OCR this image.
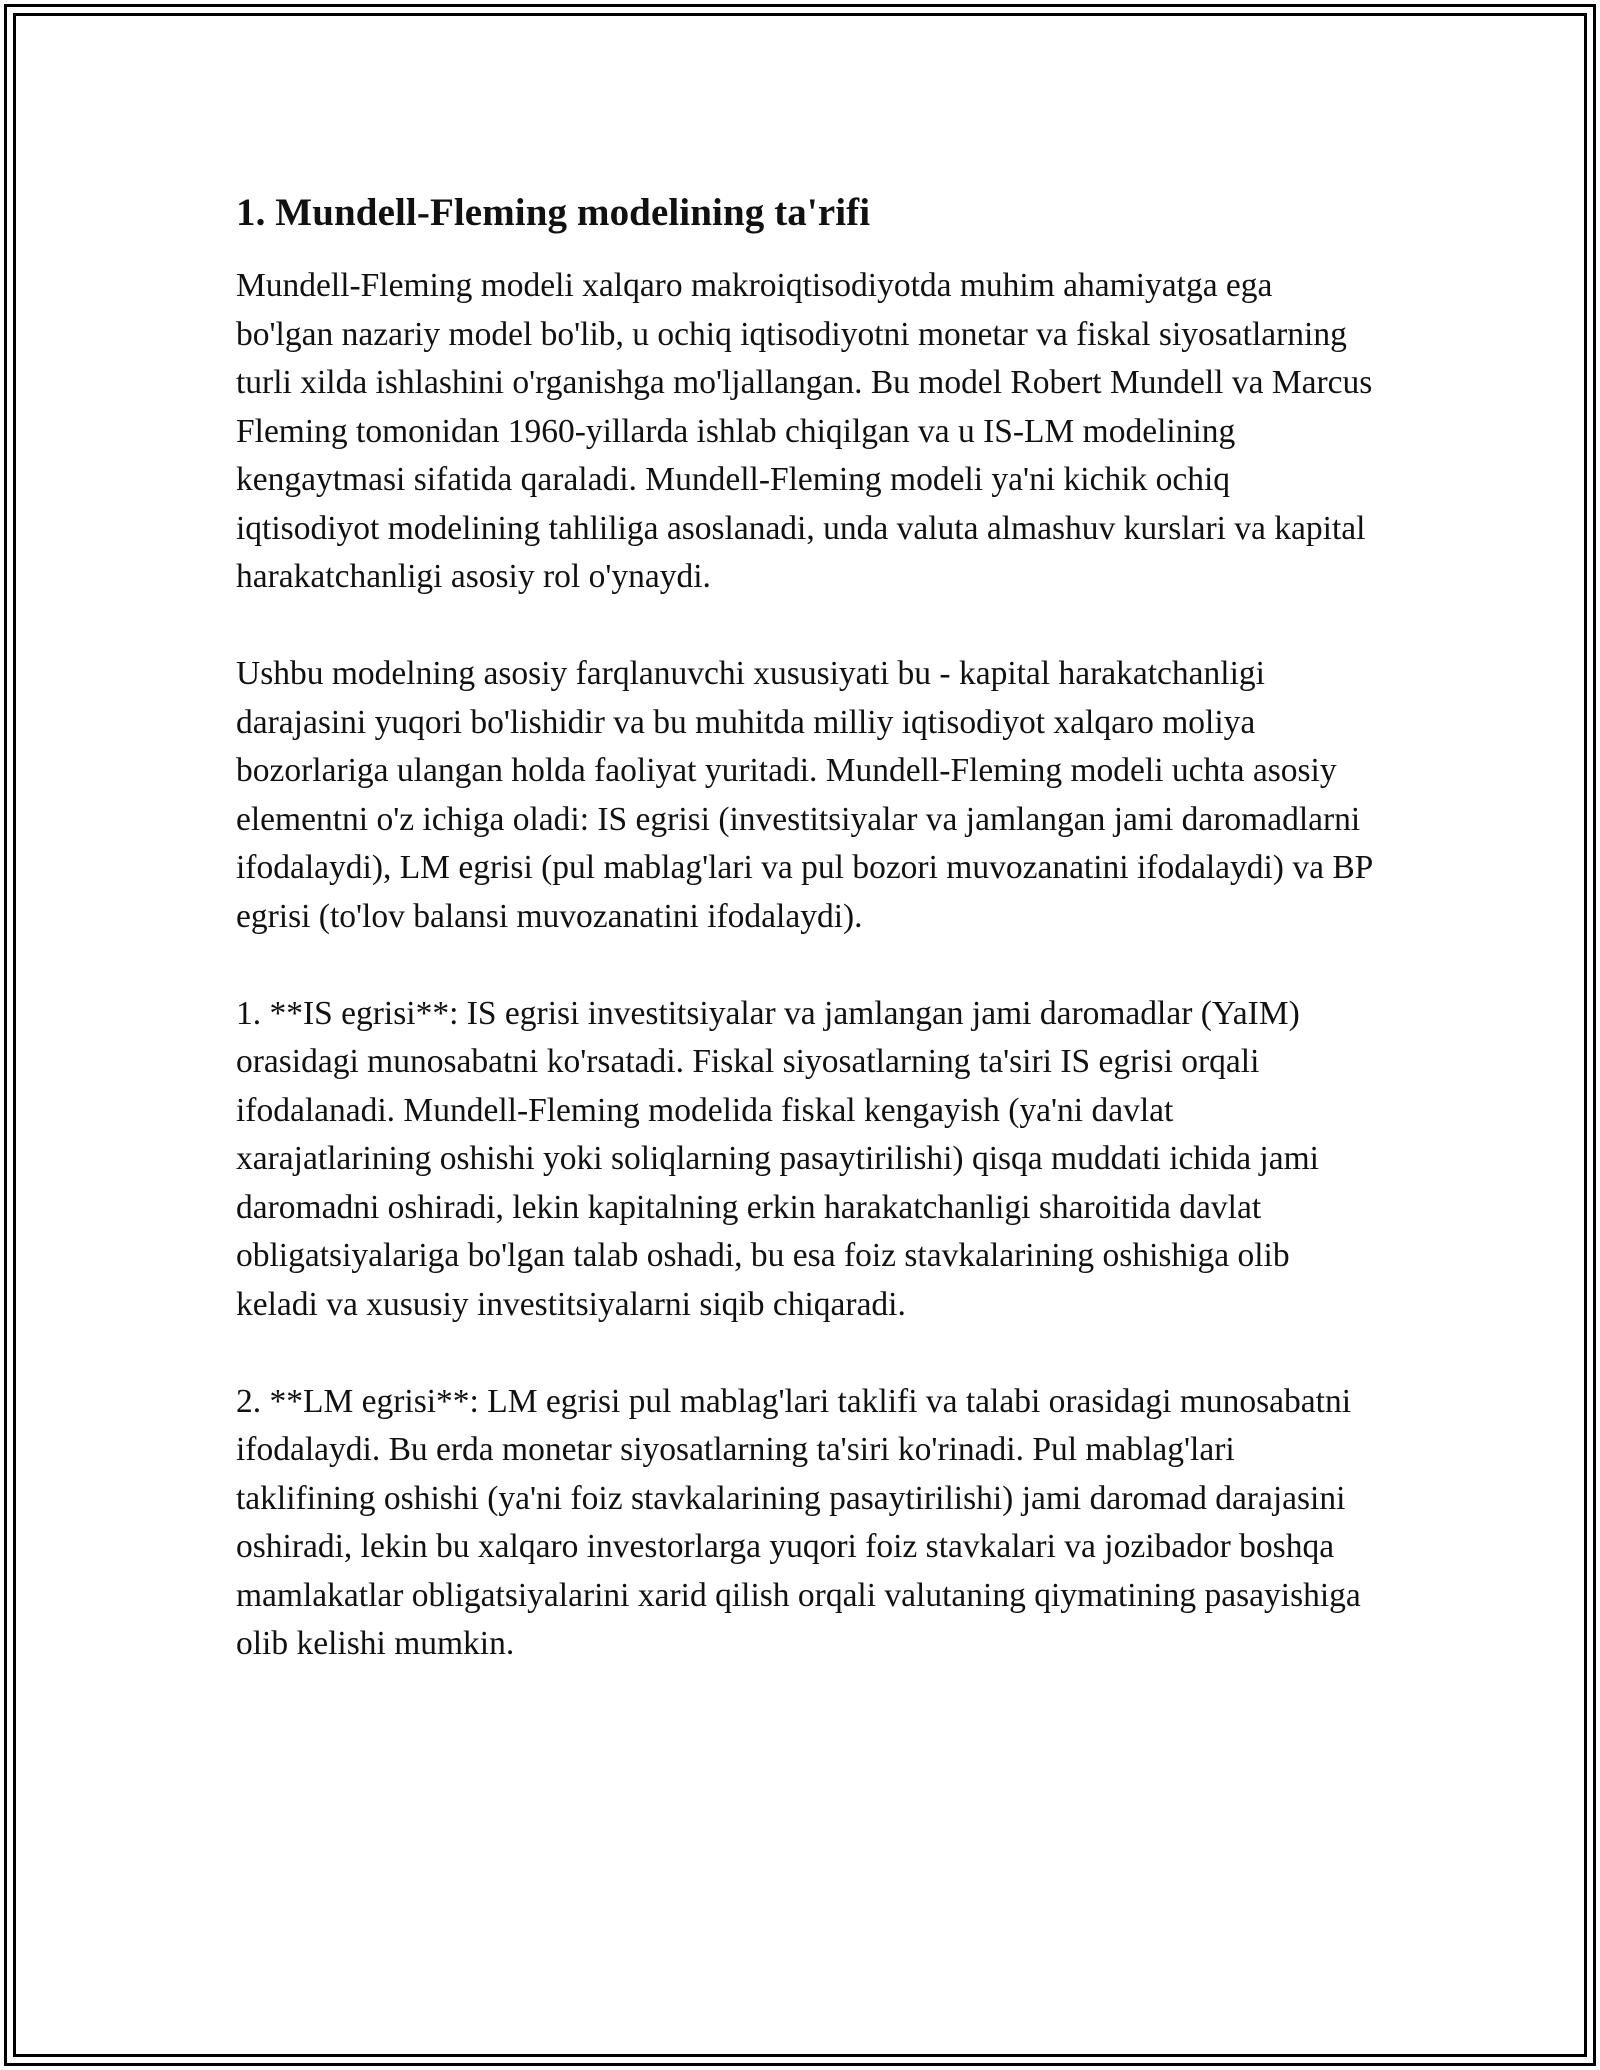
1. Mundell-Fleming modelining ta'rifi

Mundell-Fleming modeli xalqaro makroiqtisodiyotda muhim ahamiyatga ega bo'lgan nazariy model bo'lib, u ochiq iqtisodiyotni monetar va fiskal siyosatlarning turli xilda ishlashini o'rganishga mo'ljallangan. Bu model Robert Mundell va Marcus Fleming tomonidan 1960-yillarda ishlab chiqilgan va u IS-LM modelining kengaytmasi sifatida qaraladi. Mundell-Fleming modeli ya'ni kichik ochiq iqtisodiyot modelining tahliliga asoslanadi, unda valuta almashuv kurslari va kapital harakatchanligi asosiy rol o'ynaydi.

Ushbu modelning asosiy farqlanuvchi xususiyati bu - kapital harakatchanligi darajasini yuqori bo'lishidir va bu muhitda milliy iqtisodiyot xalqaro moliya bozorlariga ulangan holda faoliyat yuritadi. Mundell-Fleming modeli uchta asosiy elementni o'z ichiga oladi: IS egrisi (investitsiyalar va jamlangan jami daromadlarni ifodalaydi), LM egrisi (pul mablag'lari va pul bozori muvozanatini ifodalaydi) va BP egrisi (to'lov balansi muvozanatini ifodalaydi).

1. **IS egrisi**: IS egrisi investitsiyalar va jamlangan jami daromadlar (YaIM) orasidagi munosabatni ko'rsatadi. Fiskal siyosatlarning ta'siri IS egrisi orqali ifodalanadi. Mundell-Fleming modelida fiskal kengayish (ya'ni davlat xarajatlarining oshishi yoki soliqlarning pasaytirilishi) qisqa muddati ichida jami daromadni oshiradi, lekin kapitalning erkin harakatchanligi sharoitida davlat obligatsiyalariga bo'lgan talab oshadi, bu esa foiz stavkalarining oshishiga olib keladi va xususiy investitsiyalarni siqib chiqaradi.

2. **LM egrisi**: LM egrisi pul mablag'lari taklifi va talabi orasidagi munosabatni ifodalaydi. Bu erda monetar siyosatlarning ta'siri ko'rinadi. Pul mablag'lari taklifining oshishi (ya'ni foiz stavkalarining pasaytirilishi) jami daromad darajasini oshiradi, lekin bu xalqaro investorlarga yuqori foiz stavkalari va jozibador boshqa mamlakatlar obligatsiyalarini xarid qilish orqali valutaning qiymatining pasayishiga olib kelishi mumkin.
